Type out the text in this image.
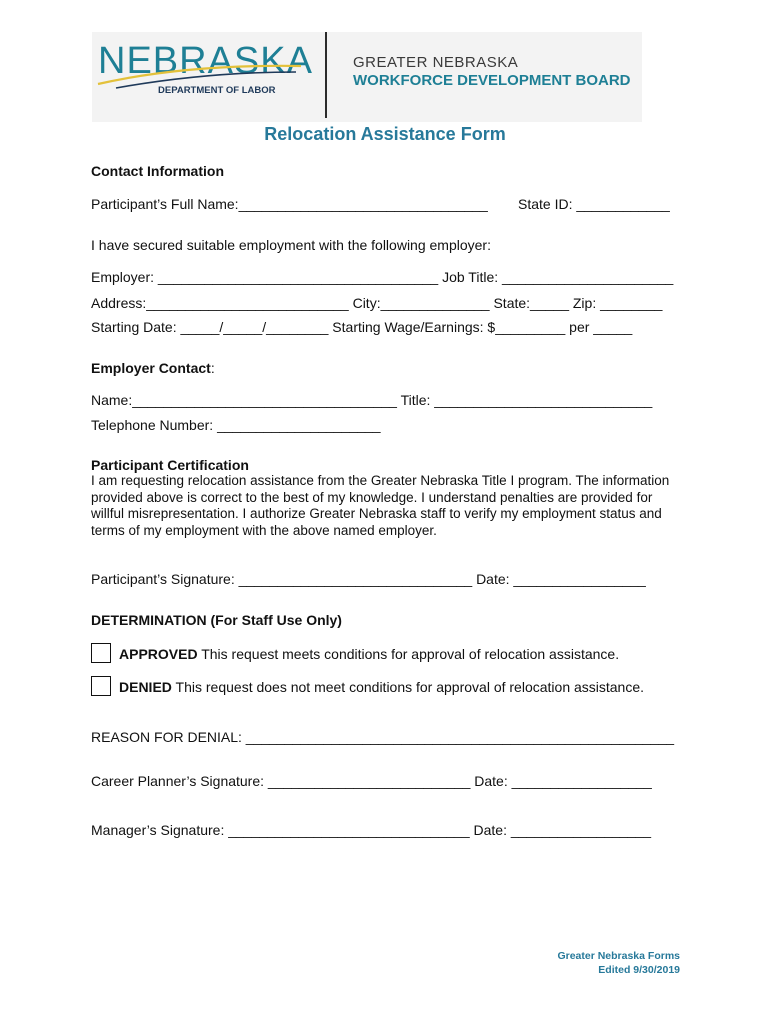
NEBRASKA
DEPARTMENT OF LABOR
GREATER NEBRASKA
WORKFORCE DEVELOPMENT BOARD
Relocation Assistance Form
Contact Information
Participant’s Full Name:________________________________ State ID: ____________
I have secured suitable employment with the following employer:
Employer: ____________________________________ Job Title: ______________________
Address:__________________________ City:______________ State:_____ Zip: ________
Starting Date: _____/_____/________ Starting Wage/Earnings: $_________ per _____
Employer Contact:
Name:__________________________________ Title: ____________________________
Telephone Number: _____________________
Participant Certification
I am requesting relocation assistance from the Greater Nebraska Title I program. The information provided above is correct to the best of my knowledge. I understand penalties are provided for willful misrepresentation. I authorize Greater Nebraska staff to verify my employment status and terms of my employment with the above named employer.
Participant’s Signature: ______________________________ Date: _________________
DETERMINATION (For Staff Use Only)
APPROVED This request meets conditions for approval of relocation assistance.
DENIED This request does not meet conditions for approval of relocation assistance.
REASON FOR DENIAL: _______________________________________________________
Career Planner’s Signature: __________________________ Date: __________________
Manager’s Signature: _______________________________ Date: __________________
Greater Nebraska Forms
Edited 9/30/2019
